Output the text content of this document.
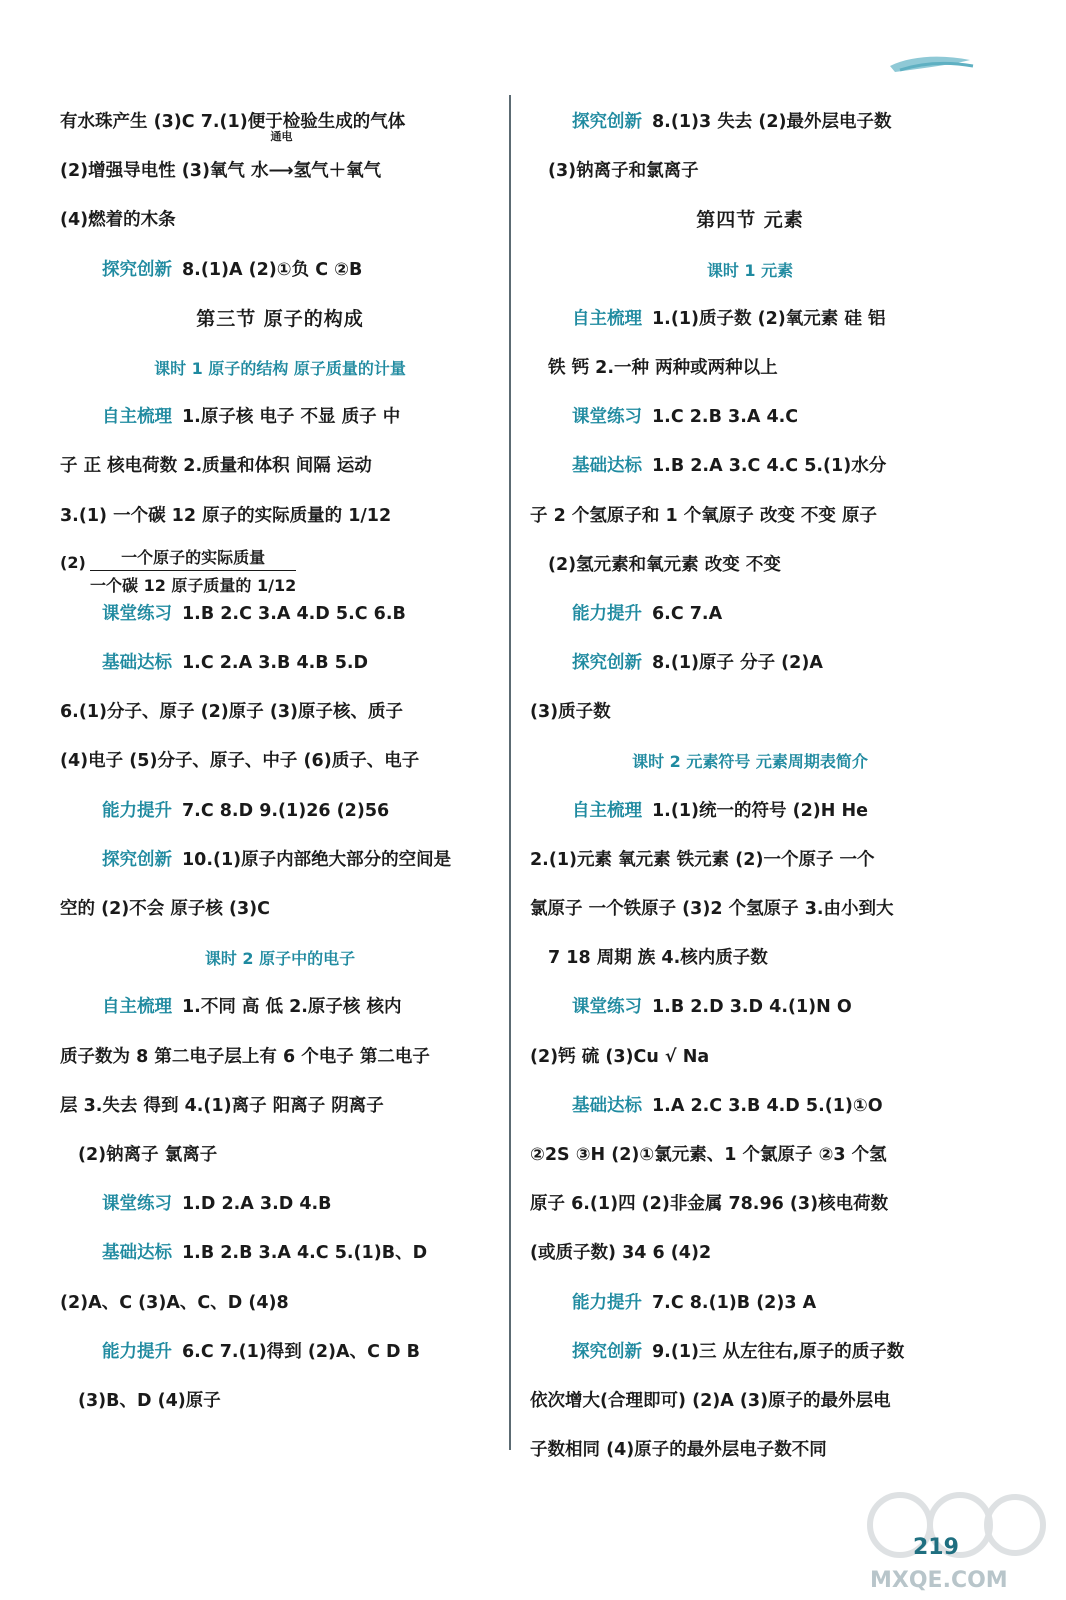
有水珠产生 (3)C 7.(1)便于检验生成的气体
(2)增强导电性 (3)氧气 水
通电
⟶氢气＋氧气
(4)燃着的木条
探究创新 8.(1)A (2)①负 C ②B
第三节 原子的构成
课时 1 原子的结构 原子质量的计量
自主梳理 1.原子核 电子 不显 质子 中
子 正 核电荷数 2.质量和体积 间隔 运动
3.(1) 一个碳 12 原子的实际质量的 1/12
(2)	一个原子的实际质量
一个碳 12 原子质量的 1/12
课堂练习 1.B 2.C 3.A 4.D 5.C 6.B
基础达标 1.C 2.A 3.B 4.B 5.D
6.(1)分子、原子 (2)原子 (3)原子核、质子
(4)电子 (5)分子、原子、中子 (6)质子、电子
能力提升 7.C 8.D 9.(1)26 (2)56
探究创新 10.(1)原子内部绝大部分的空间是
空的 (2)不会 原子核 (3)C
课时 2 原子中的电子
自主梳理 1.不同 高 低 2.原子核 核内
质子数为 8 第二电子层上有 6 个电子 第二电子
层 3.失去 得到 4.(1)离子 阳离子 阴离子
(2)钠离子 氯离子
课堂练习 1.D 2.A 3.D 4.B
基础达标 1.B 2.B 3.A 4.C 5.(1)B、D
(2)A、C (3)A、C、D (4)8
能力提升 6.C 7.(1)得到 (2)A、C D B
(3)B、D (4)原子
探究创新 8.(1)3 失去 (2)最外层电子数
(3)钠离子和氯离子
第四节 元素
课时 1 元素
自主梳理 1.(1)质子数 (2)氧元素 硅 铝
铁 钙 2.一种 两种或两种以上
课堂练习 1.C 2.B 3.A 4.C
基础达标 1.B 2.A 3.C 4.C 5.(1)水分
子 2 个氢原子和 1 个氧原子 改变 不变 原子
(2)氢元素和氧元素 改变 不变
能力提升 6.C 7.A
探究创新 8.(1)原子 分子 (2)A
(3)质子数
课时 2 元素符号 元素周期表简介
自主梳理 1.(1)统一的符号 (2)H He
2.(1)元素 氧元素 铁元素 (2)一个原子 一个
氯原子 一个铁原子 (3)2 个氢原子 3.由小到大
7 18 周期 族 4.核内质子数
课堂练习 1.B 2.D 3.D 4.(1)N O
(2)钙 硫 (3)Cu √ Na
基础达标 1.A 2.C 3.B 4.D 5.(1)①O
②2S ③H (2)①氯元素、1 个氯原子 ②3 个氢
原子 6.(1)四 (2)非金属 78.96 (3)核电荷数
(或质子数) 34 6 (4)2
能力提升 7.C 8.(1)B (2)3 A
探究创新 9.(1)三 从左往右,原子的质子数
依次增大(合理即可) (2)A (3)原子的最外层电
子数相同 (4)原子的最外层电子数不同
219
MXQE.COM
